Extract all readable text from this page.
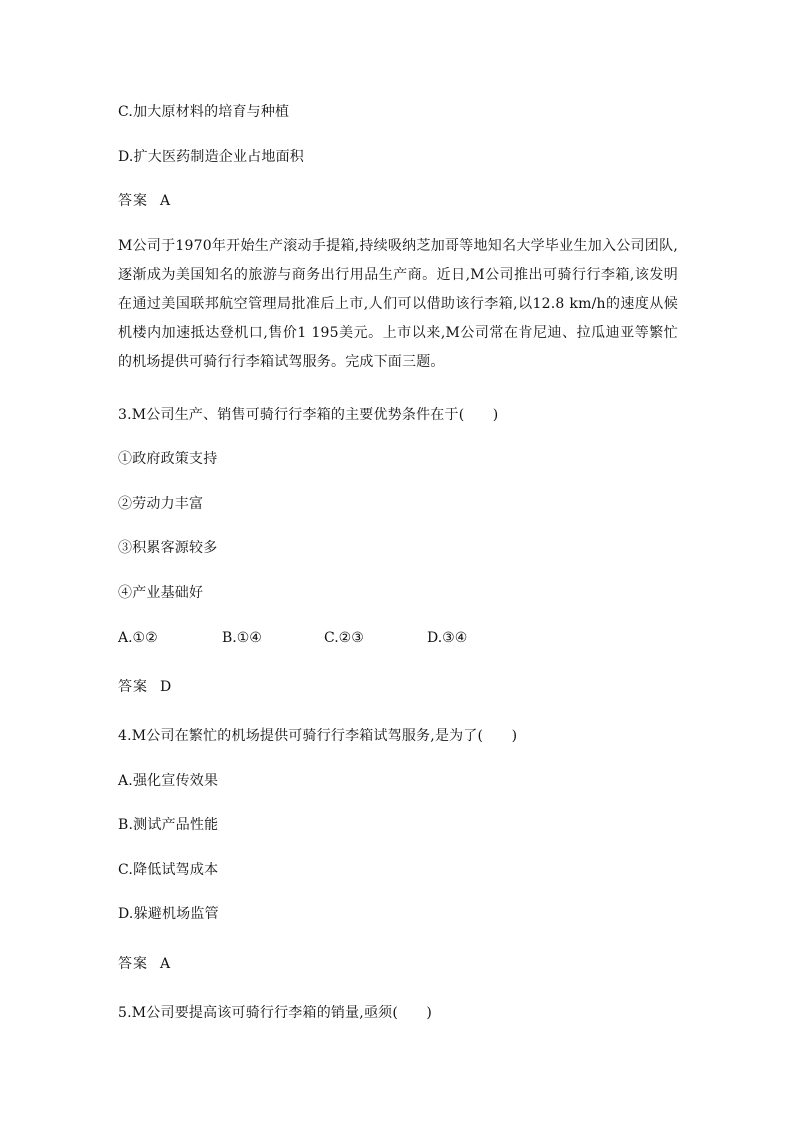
C.加大原材料的培育与种植
D.扩大医药制造企业占地面积
答案 A
M公司于1970年开始生产滚动手提箱,持续吸纳芝加哥等地知名大学毕业生加入公司团队,逐渐成为美国知名的旅游与商务出行用品生产商。近日,M公司推出可骑行行李箱,该发明在通过美国联邦航空管理局批准后上市,人们可以借助该行李箱,以12.8 km/h的速度从候机楼内加速抵达登机口,售价1 195美元。上市以来,M公司常在肯尼迪、拉瓜迪亚等繁忙的机场提供可骑行行李箱试驾服务。完成下面三题。
3.M公司生产、销售可骑行行李箱的主要优势条件在于(　　)
①政府政策支持
②劳动力丰富
③积累客源较多
④产业基础好
A.①②	B.①④	C.②③	D.③④
答案 D
4.M公司在繁忙的机场提供可骑行行李箱试驾服务,是为了(　　)
A.强化宣传效果
B.测试产品性能
C.降低试驾成本
D.躲避机场监管
答案 A
5.M公司要提高该可骑行行李箱的销量,亟须(　　)
